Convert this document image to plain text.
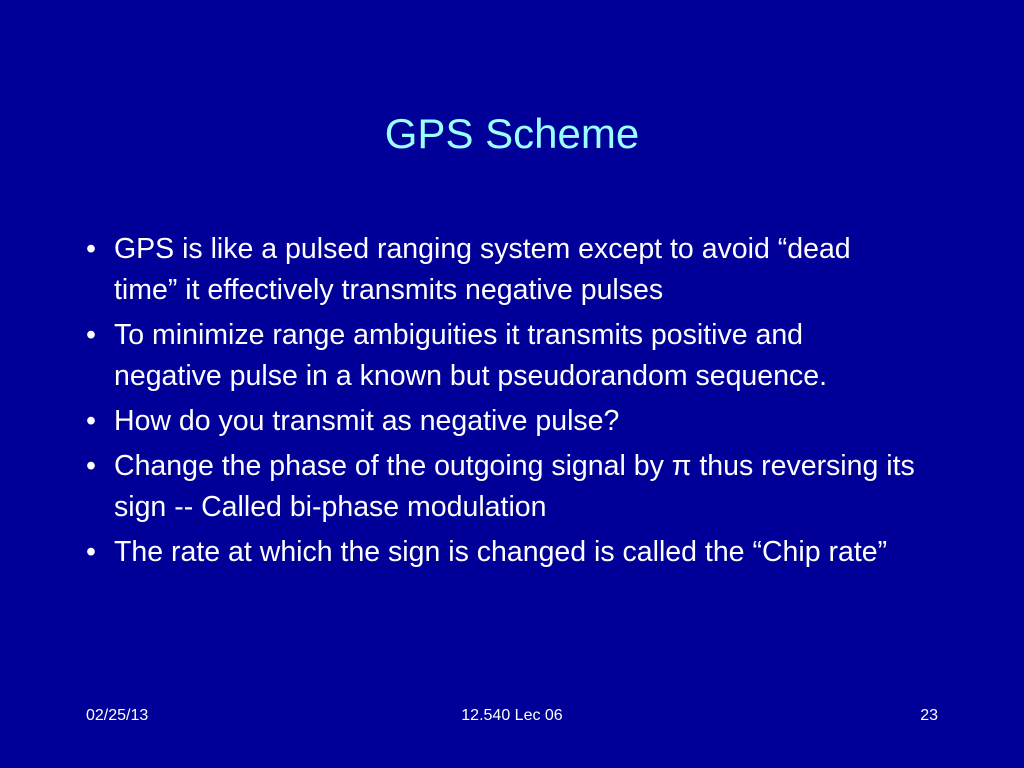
GPS Scheme
• GPS is like a pulsed ranging system except to avoid “dead time” it effectively transmits negative pulses
• To minimize range ambiguities it transmits positive and negative pulse in a known but pseudorandom sequence.
• How do you transmit as negative pulse?
• Change the phase of the outgoing signal by π thus reversing its sign -- Called bi-phase modulation
• The rate at which the sign is changed is called the “Chip rate”
02/25/13	12.540 Lec 06	23
